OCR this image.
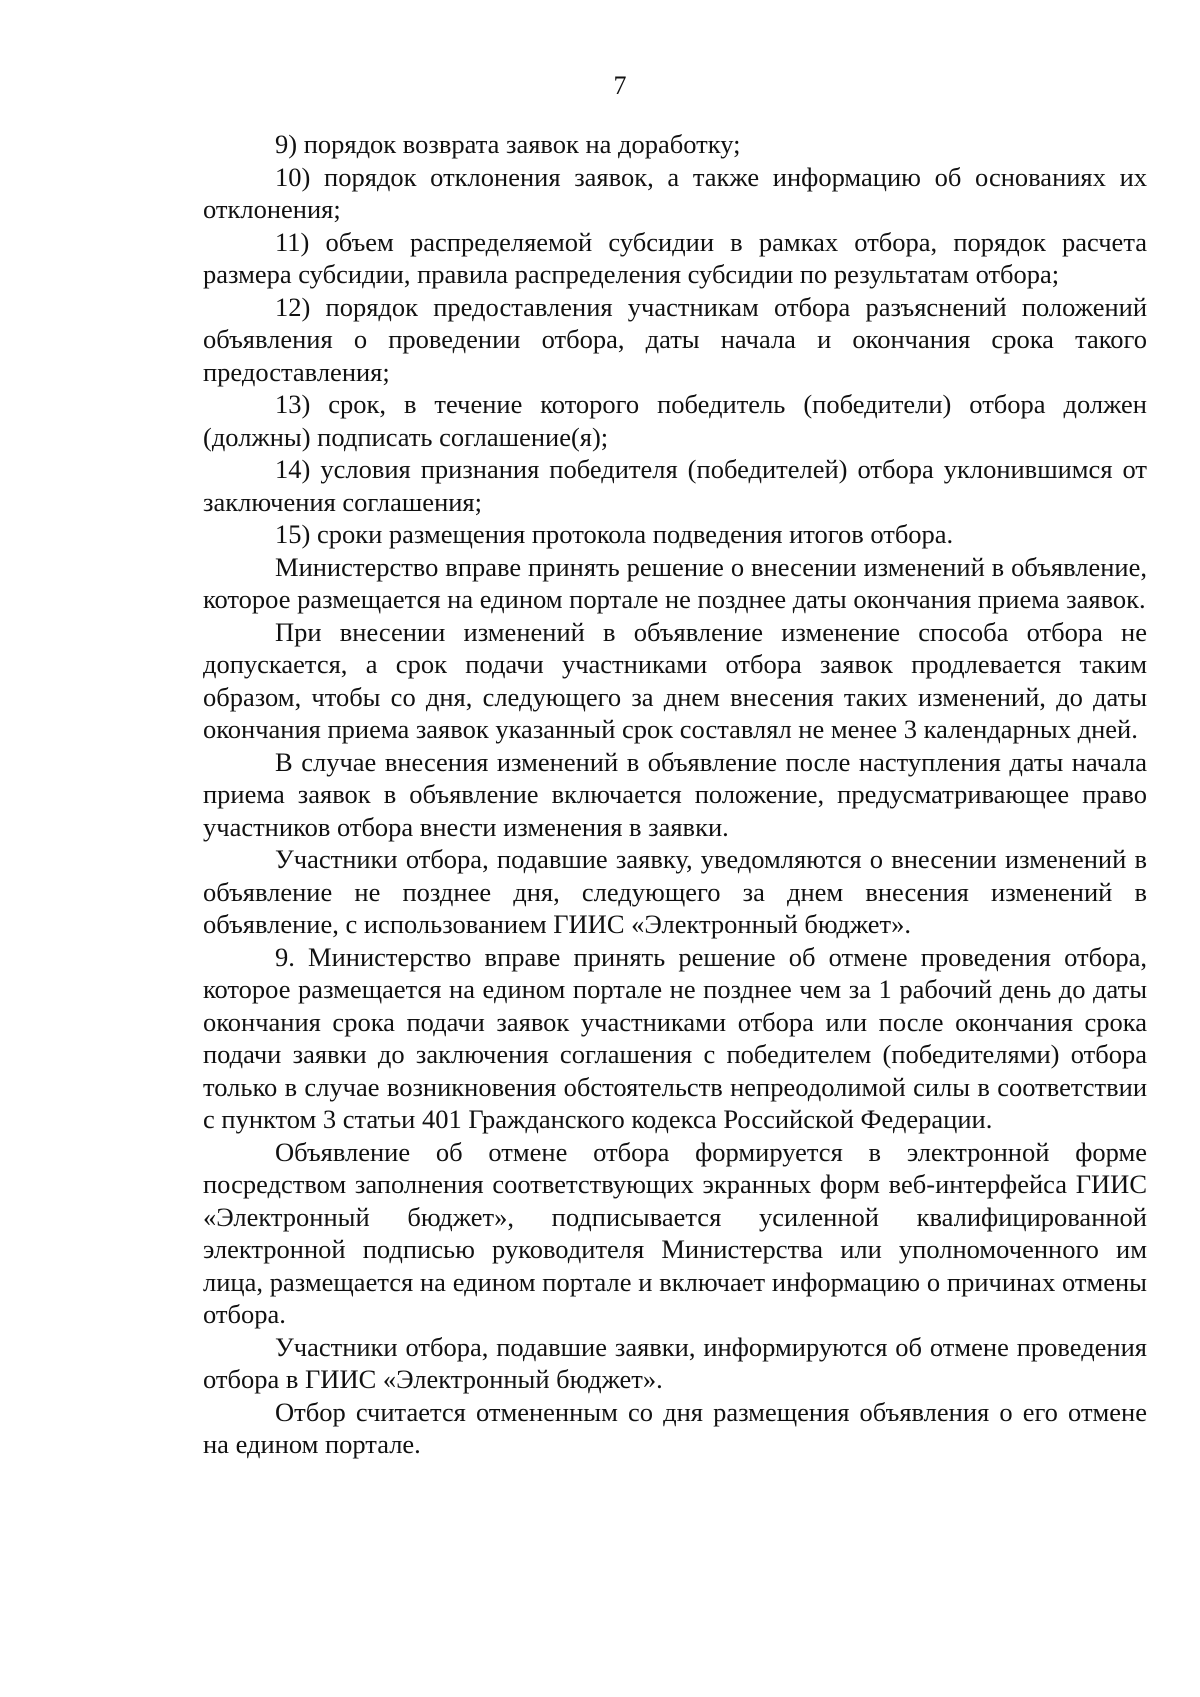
7

9) порядок возврата заявок на доработку;

10) порядок отклонения заявок, а также информацию об основаниях их отклонения;

11) объем распределяемой субсидии в рамках отбора, порядок расчета размера субсидии, правила распределения субсидии по результатам отбора;

12) порядок предоставления участникам отбора разъяснений положений объявления о проведении отбора, даты начала и окончания срока такого предоставления;

13) срок, в течение которого победитель (победители) отбора должен (должны) подписать соглашение(я);

14) условия признания победителя (победителей) отбора уклонившимся от заключения соглашения;

15) сроки размещения протокола подведения итогов отбора.

Министерство вправе принять решение о внесении изменений в объявление, которое размещается на едином портале не позднее даты окончания приема заявок.

При внесении изменений в объявление изменение способа отбора не допускается, а срок подачи участниками отбора заявок продлевается таким образом, чтобы со дня, следующего за днем внесения таких изменений, до даты окончания приема заявок указанный срок составлял не менее 3 календарных дней.

В случае внесения изменений в объявление после наступления даты начала приема заявок в объявление включается положение, предусматривающее право участников отбора внести изменения в заявки.

Участники отбора, подавшие заявку, уведомляются о внесении изменений в объявление не позднее дня, следующего за днем внесения изменений в объявление, с использованием ГИИС «Электронный бюджет».

9. Министерство вправе принять решение об отмене проведения отбора, которое размещается на едином портале не позднее чем за 1 рабочий день до даты окончания срока подачи заявок участниками отбора или после окончания срока подачи заявки до заключения соглашения с победителем (победителями) отбора только в случае возникновения обстоятельств непреодолимой силы в соответствии с пунктом 3 статьи 401 Гражданского кодекса Российской Федерации.

Объявление об отмене отбора формируется в электронной форме посредством заполнения соответствующих экранных форм веб-интерфейса ГИИС «Электронный бюджет», подписывается усиленной квалифицированной электронной подписью руководителя Министерства или уполномоченного им лица, размещается на едином портале и включает информацию о причинах отмены отбора.

Участники отбора, подавшие заявки, информируются об отмене проведения отбора в ГИИС «Электронный бюджет».

Отбор считается отмененным со дня размещения объявления о его отмене на едином портале.
